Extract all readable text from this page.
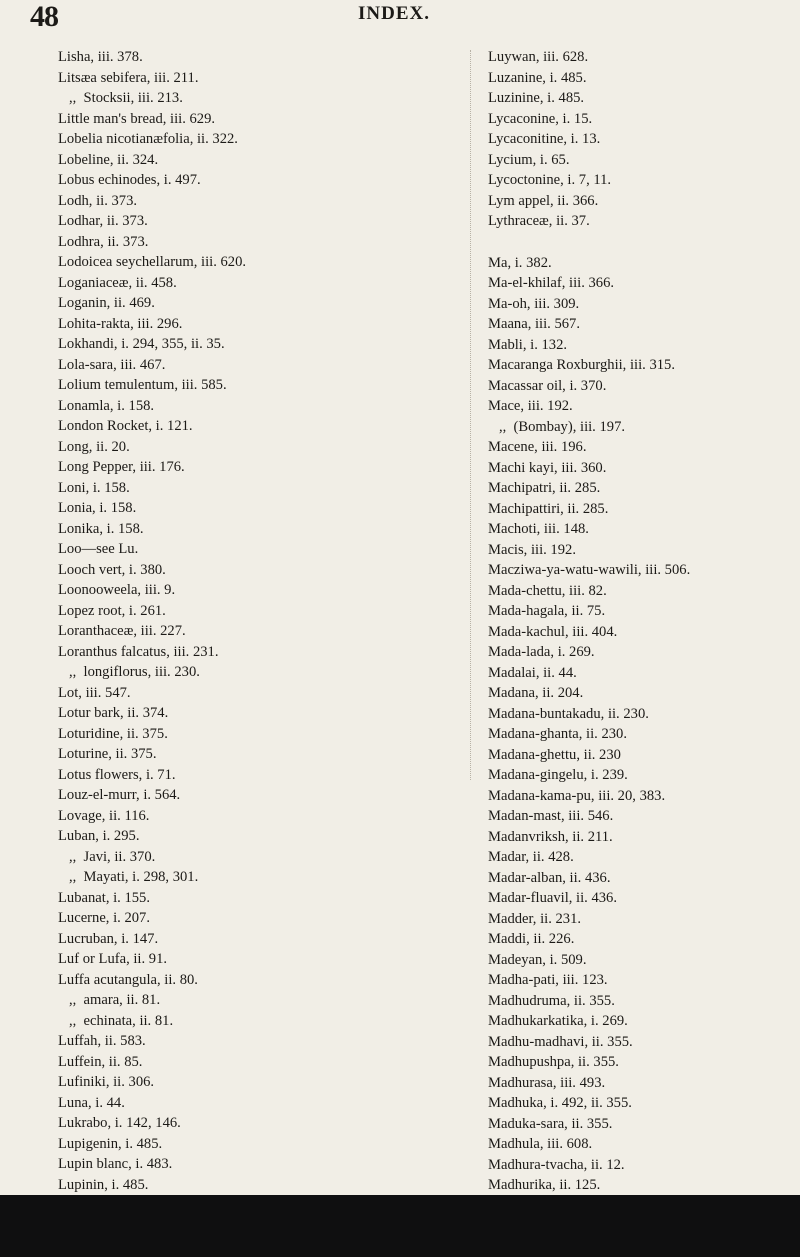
48	INDEX.
Lisha, iii. 378.
Litsæa sebifera, iii. 211.
,,  Stocksii, iii. 213.
Little man's bread, iii. 629.
Lobelia nicotianæfolia, ii. 322.
Lobeline, ii. 324.
Lobus echinodes, i. 497.
Lodh, ii. 373.
Lodhar, ii. 373.
Lodhra, ii. 373.
Lodoicea seychellarum, iii. 620.
Loganiaceæ, ii. 458.
Loganin, ii. 469.
Lohita-rakta, iii. 296.
Lokhandi, i. 294, 355, ii. 35.
Lola-sara, iii. 467.
Lolium temulentum, iii. 585.
Lonamla, i. 158.
London Rocket, i. 121.
Long, ii. 20.
Long Pepper, iii. 176.
Loni, i. 158.
Lonia, i. 158.
Lonika, i. 158.
Loo—see Lu.
Looch vert, i. 380.
Loonooweela, iii. 9.
Lopez root, i. 261.
Loranthaceæ, iii. 227.
Loranthus falcatus, iii. 231.
,,  longiflorus, iii. 230.
Lot, iii. 547.
Lotur bark, ii. 374.
Loturidine, ii. 375.
Loturine, ii. 375.
Lotus flowers, i. 71.
Louz-el-murr, i. 564.
Lovage, ii. 116.
Luban, i. 295.
,,  Javi, ii. 370.
,,  Mayati, i. 298, 301.
Lubanat, i. 155.
Lucerne, i. 207.
Lucruban, i. 147.
Luf or Lufa, ii. 91.
Luffa acutangula, ii. 80.
,,  amara, ii. 81.
,,  echinata, ii. 81.
Luffah, ii. 583.
Luffein, ii. 85.
Lufiniki, ii. 306.
Luna, i. 44.
Lukrabo, i. 142, 146.
Lupigenin, i. 485.
Lupin blanc, i. 483.
Lupinin, i. 485.
Luywan, iii. 628.
Luzanine, i. 485.
Luzinine, i. 485.
Lycaconine, i. 15.
Lycaconitine, i. 13.
Lycium, i. 65.
Lycoctonine, i. 7, 11.
Lym appel, ii. 366.
Lythraceæ, ii. 37.
Ma, i. 382.
Ma-el-khilaf, iii. 366.
Ma-oh, iii. 309.
Maana, iii. 567.
Mabli, i. 132.
Macaranga Roxburghii, iii. 315.
Macassar oil, i. 370.
Mace, iii. 192.
,,  (Bombay), iii. 197.
Macene, iii. 196.
Machi kayi, iii. 360.
Machipatri, ii. 285.
Machipattiri, ii. 285.
Machoti, iii. 148.
Macis, iii. 192.
Macziwa-ya-watu-wawili, iii. 506.
Mada-chettu, iii. 82.
Mada-hagala, ii. 75.
Mada-kachul, iii. 404.
Mada-lada, i. 269.
Madalai, ii. 44.
Madana, ii. 204.
Madana-buntakadu, ii. 230.
Madana-ghanta, ii. 230.
Madana-ghettu, ii. 230
Madana-gingelu, i. 239.
Madana-kama-pu, iii. 20, 383.
Madan-mast, iii. 546.
Madanvriksh, ii. 211.
Madar, ii. 428.
Madar-alban, ii. 436.
Madar-fluavil, ii. 436.
Madder, ii. 231.
Maddi, ii. 226.
Madeyan, i. 509.
Madha-pati, iii. 123.
Madhudruma, ii. 355.
Madhukarkatika, i. 269.
Madhu-madhavi, ii. 355.
Madhupushpa, ii. 355.
Madhurasa, iii. 493.
Madhuka, i. 492, ii. 355.
Maduka-sara, ii. 355.
Madhula, iii. 608.
Madhura-tvacha, ii. 12.
Madhurika, ii. 125.
